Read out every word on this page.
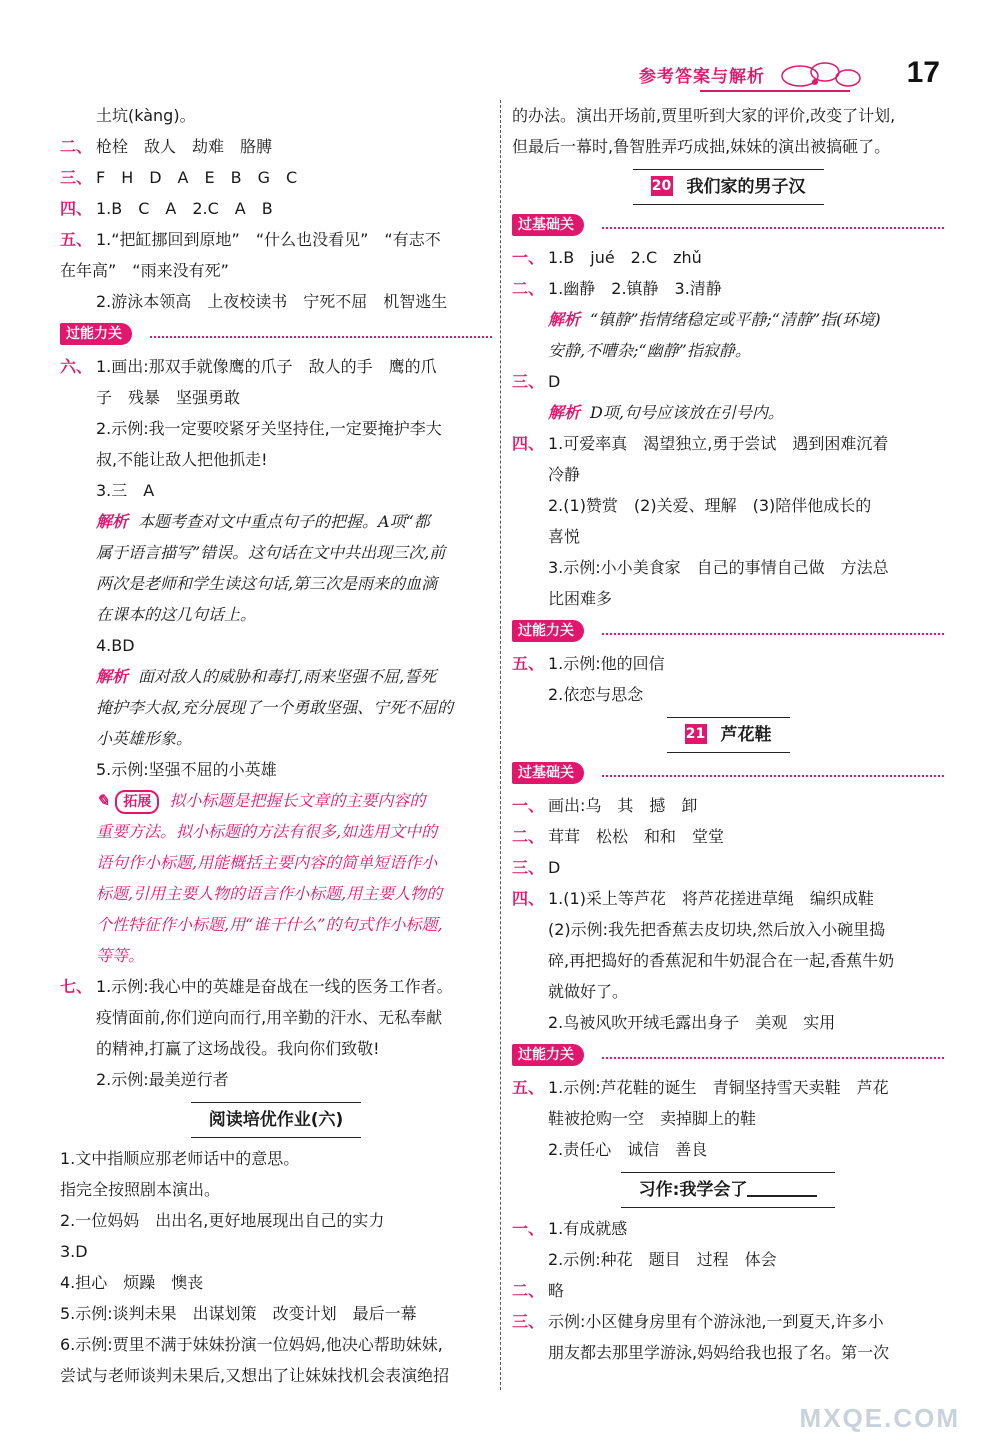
参考答案与解析	17
土坑(kàng)。
二、 枪栓　敌人　劫难　胳膊
三、 F　H　D　A　E　B　G　C
四、 1.B　C　A　2.C　A　B
五、 1.“把缸挪回到原地”　“什么也没看见”　“有志不
在年高”　“雨来没有死”
2.游泳本领高　上夜校读书　宁死不屈　机智逃生
过能力关
六、 1.画出:那双手就像鹰的爪子　敌人的手　鹰的爪
子　残暴　坚强勇敢
2.示例:我一定要咬紧牙关坚持住,一定要掩护李大
叔,不能让敌人把他抓走!
3.三　A
解析 本题考查对文中重点句子的把握。A项“都
属于语言描写”错误。这句话在文中共出现三次,前
两次是老师和学生读这句话,第三次是雨来的血滴
在课本的这几句话上。
4.BD
解析 面对敌人的威胁和毒打,雨来坚强不屈,誓死
掩护李大叔,充分展现了一个勇敢坚强、宁死不屈的
小英雄形象。
5.示例:坚强不屈的小英雄
✎ 拓展 拟小标题是把握长文章的主要内容的
重要方法。拟小标题的方法有很多,如选用文中的
语句作小标题,用能概括主要内容的简单短语作小
标题,引用主要人物的语言作小标题,用主要人物的
个性特征作小标题,用“谁干什么”的句式作小标题,
等等。
七、 1.示例:我心中的英雄是奋战在一线的医务工作者。
疫情面前,你们逆向而行,用辛勤的汗水、无私奉献
的精神,打赢了这场战役。我向你们致敬!
2.示例:最美逆行者
阅读培优作业(六)
1.文中指顺应那老师话中的意思。
指完全按照剧本演出。
2.一位妈妈　出出名,更好地展现出自己的实力
3.D
4.担心　烦躁　懊丧
5.示例:谈判未果　出谋划策　改变计划　最后一幕
6.示例:贾里不满于妹妹扮演一位妈妈,他决心帮助妹妹,
尝试与老师谈判未果后,又想出了让妹妹找机会表演绝招
的办法。演出开场前,贾里听到大家的评价,改变了计划,
但最后一幕时,鲁智胜弄巧成拙,妹妹的演出被搞砸了。
20 我们家的男子汉
过基础关
一、 1.B　jué　2.C　zhǔ
二、 1.幽静　2.镇静　3.清静
解析 “镇静”指情绪稳定或平静;“清静”指(环境)
安静,不嘈杂;“幽静”指寂静。
三、 D
解析 D项,句号应该放在引号内。
四、 1.可爱率真　渴望独立,勇于尝试　遇到困难沉着
冷静
2.(1)赞赏　(2)关爱、理解　(3)陪伴他成长的
喜悦
3.示例:小小美食家　自己的事情自己做　方法总
比困难多
过能力关
五、 1.示例:他的回信
2.依恋与思念
21 芦花鞋
过基础关
一、 画出:乌　其　撼　卸
二、 茸茸　松松　和和　堂堂
三、 D
四、 1.(1)采上等芦花　将芦花搓进草绳　编织成鞋
(2)示例:我先把香蕉去皮切块,然后放入小碗里捣
碎,再把捣好的香蕉泥和牛奶混合在一起,香蕉牛奶
就做好了。
2.鸟被风吹开绒毛露出身子　美观　实用
过能力关
五、 1.示例:芦花鞋的诞生　青铜坚持雪天卖鞋　芦花
鞋被抢购一空　卖掉脚上的鞋
2.责任心　诚信　善良
习作:我学会了
一、 1.有成就感
2.示例:种花　题目　过程　体会
二、 略
三、 示例:小区健身房里有个游泳池,一到夏天,许多小
朋友都去那里学游泳,妈妈给我也报了名。第一次
MXQE.COM
